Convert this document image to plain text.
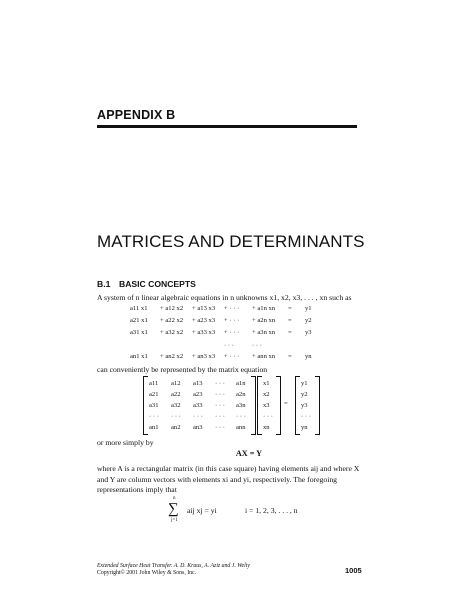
APPENDIX B
MATRICES AND DETERMINANTS
B.1 BASIC CONCEPTS
A system of n linear algebraic equations in n unknowns x1, x2, x3, . . . , xn such as
a11 x1 + a12 x2 + a13 x3 + · · · + a1n xn = y1
a21 x1 + a22 x2 + a23 x3 + · · · + a2n xn = y2
a31 x1 + a32 x2 + a33 x3 + · · · + a3n xn = y3
· · ·	· · ·
an1 x1 + an2 x2 + an3 x3 + · · · + ann xn = yn
can conveniently be represented by the matrix equation
a11 a12 a13 · · · a1n
a21 a22 a23 · · · a2n
a31 a32 a33 · · · a3n
· · · · · · · · · · · · · · ·
an1 an2 an3 · · · ann
x1
x2
x3
· · ·
xn
=
y1
y2
y3
· · ·
yn
or more simply by
AX = Y
where A is a rectangular matrix (in this case square) having elements aij and where X and Y are column vectors with elements xi and yi, respectively. The foregoing representations imply that
n
∑
j=1
aij xj = yi	i = 1, 2, 3, . . . , n
Extended Surface Heat Transfer. A. D. Kraus, A. Aziz and J. Welty
Copyright© 2001 John Wiley & Sons, Inc.	1005
